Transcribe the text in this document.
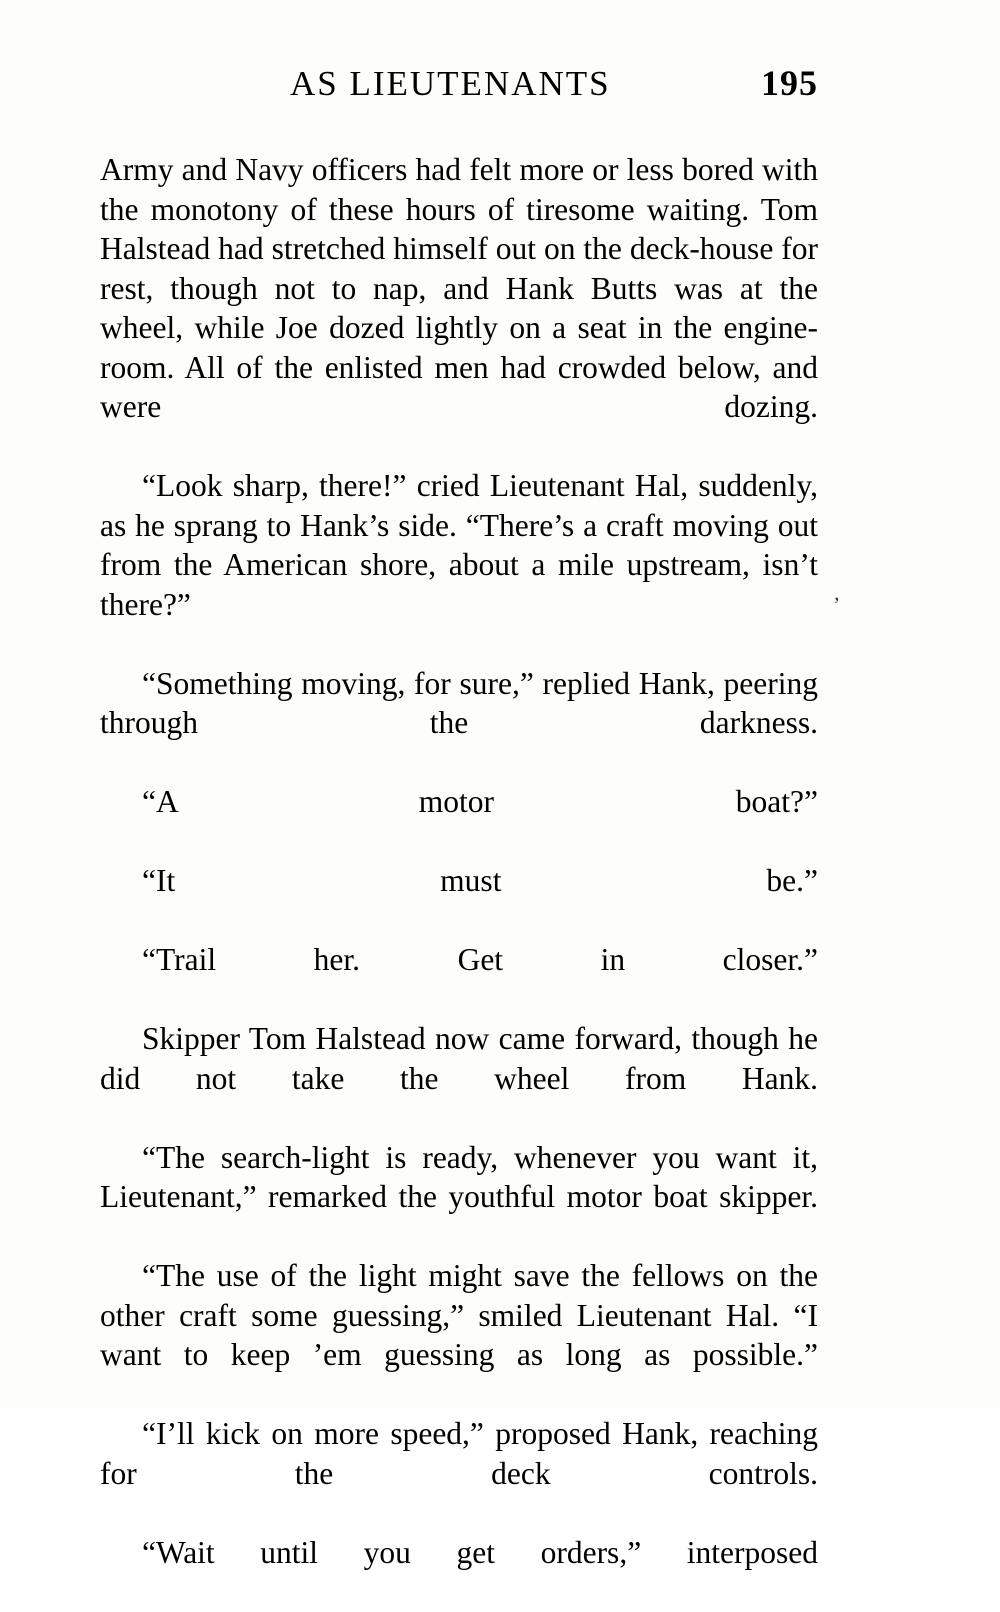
AS LIEUTENANTS	195

Army and Navy officers had felt more or less bored with the monotony of these hours of tiresome waiting. Tom Halstead had stretched himself out on the deck-house for rest, though not to nap, and Hank Butts was at the wheel, while Joe dozed lightly on a seat in the engine-room. All of the enlisted men had crowded below, and were dozing.

“Look sharp, there!” cried Lieutenant Hal, suddenly, as he sprang to Hank’s side. “There’s a craft moving out from the American shore, about a mile upstream, isn’t there?”

“Something moving, for sure,” replied Hank, peering through the darkness.

“A motor boat?”

“It must be.”

“Trail her. Get in closer.”

Skipper Tom Halstead now came forward, though he did not take the wheel from Hank.

“The search-light is ready, whenever you want it, Lieutenant,” remarked the youthful motor boat skipper.

“The use of the light might save the fellows on the other craft some guessing,” smiled Lieutenant Hal. “I want to keep ’em guessing as long as possible.”

“I’ll kick on more speed,” proposed Hank, reaching for the deck controls.

“Wait until you get orders,” interposed

’
